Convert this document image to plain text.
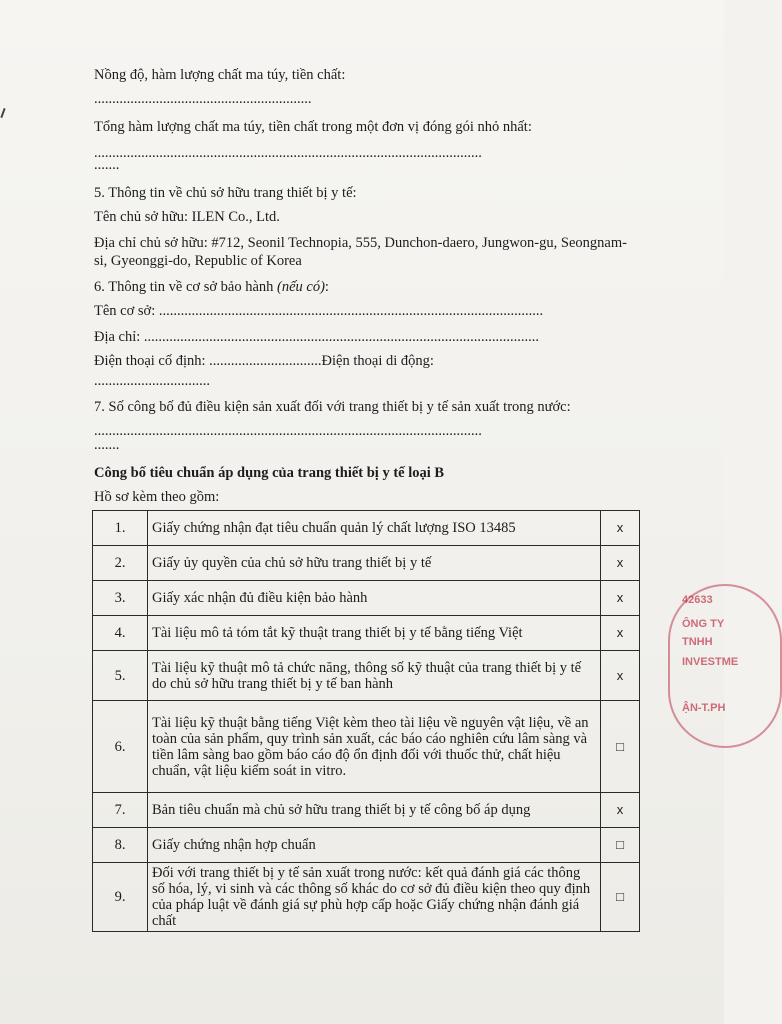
Nồng độ, hàm lượng chất ma túy, tiền chất:
............................................................
Tổng hàm lượng chất ma túy, tiền chất trong một đơn vị đóng gói nhỏ nhất:
...........................................................................................................
.......
5. Thông tin về chủ sở hữu trang thiết bị y tế:
Tên chủ sở hữu: ILEN Co., Ltd.
Địa chỉ chủ sở hữu: #712, Seonil Technopia, 555, Dunchon-daero, Jungwon-gu, Seongnam-si, Gyeonggi-do, Republic of Korea
6. Thông tin về cơ sở bảo hành (nếu có):
Tên cơ sở: ..........................................................................................................
Địa chỉ: .............................................................................................................
Điện thoại cố định: ...............................Điện thoại di động:
................................
7. Số công bố đủ điều kiện sản xuất đối với trang thiết bị y tế sản xuất trong nước:
...........................................................................................................
.......
Công bố tiêu chuẩn áp dụng của trang thiết bị y tế loại B
Hồ sơ kèm theo gồm:
1.	Giấy chứng nhận đạt tiêu chuẩn quản lý chất lượng ISO 13485	x
2.	Giấy ủy quyền của chủ sở hữu trang thiết bị y tế	x
3.	Giấy xác nhận đủ điều kiện bảo hành	x
4.	Tài liệu mô tả tóm tắt kỹ thuật trang thiết bị y tế bằng tiếng Việt	x
5.	Tài liệu kỹ thuật mô tả chức năng, thông số kỹ thuật của trang thiết bị y tế do chủ sở hữu trang thiết bị y tế ban hành	x
6.	Tài liệu kỹ thuật bằng tiếng Việt kèm theo tài liệu về nguyên vật liệu, về an toàn của sản phẩm, quy trình sản xuất, các báo cáo nghiên cứu lâm sàng và tiền lâm sàng bao gồm báo cáo độ ổn định đối với thuốc thử, chất hiệu chuẩn, vật liệu kiểm soát in vitro.	□
7.	Bản tiêu chuẩn mà chủ sở hữu trang thiết bị y tế công bố áp dụng	x
8.	Giấy chứng nhận hợp chuẩn	□
9.	Đối với trang thiết bị y tế sản xuất trong nước: kết quả đánh giá các thông số hóa, lý, vi sinh và các thông số khác do cơ sở đủ điều kiện theo quy định của pháp luật về đánh giá sự phù hợp cấp hoặc Giấy chứng nhận đánh giá chất	□
42633
ÔNG TY
TNHH
INVESTME
ẬN-T.PH
